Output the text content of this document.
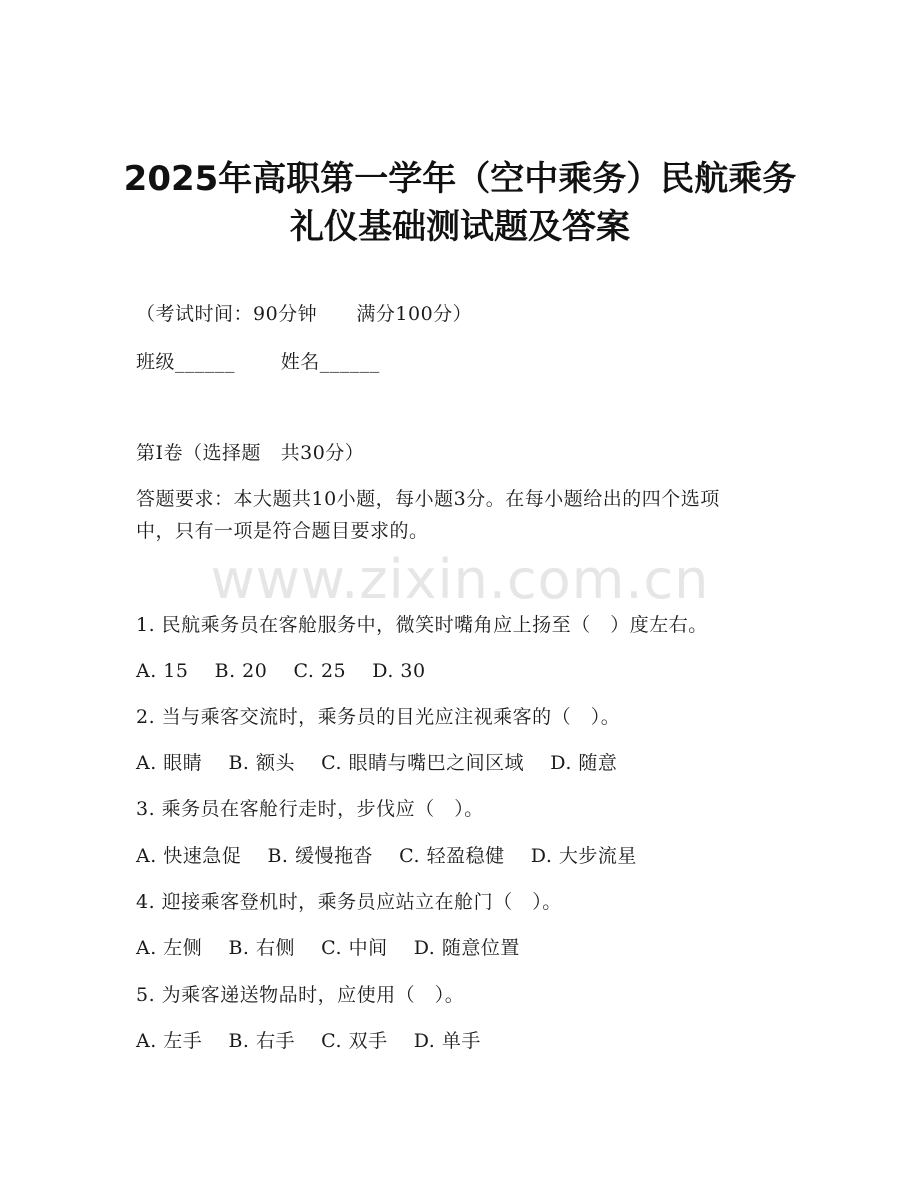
2025年高职第一学年（空中乘务）民航乘务
礼仪基础测试题及答案
（考试时间：90分钟      满分100分）
班级______       姓名______
第I卷（选择题   共30分）
答题要求：本大题共10小题，每小题3分。在每小题给出的四个选项
中，只有一项是符合题目要求的。
www.zixin.com.cn
1. 民航乘务员在客舱服务中，微笑时嘴角应上扬至（   ）度左右。
A. 15    B. 20    C. 25    D. 30
2. 当与乘客交流时，乘务员的目光应注视乘客的（   ）。
A. 眼睛    B. 额头    C. 眼睛与嘴巴之间区域    D. 随意
3. 乘务员在客舱行走时，步伐应（   ）。
A. 快速急促    B. 缓慢拖沓    C. 轻盈稳健    D. 大步流星
4. 迎接乘客登机时，乘务员应站立在舱门（   ）。
A. 左侧    B. 右侧    C. 中间    D. 随意位置
5. 为乘客递送物品时，应使用（   ）。
A. 左手    B. 右手    C. 双手    D. 单手
